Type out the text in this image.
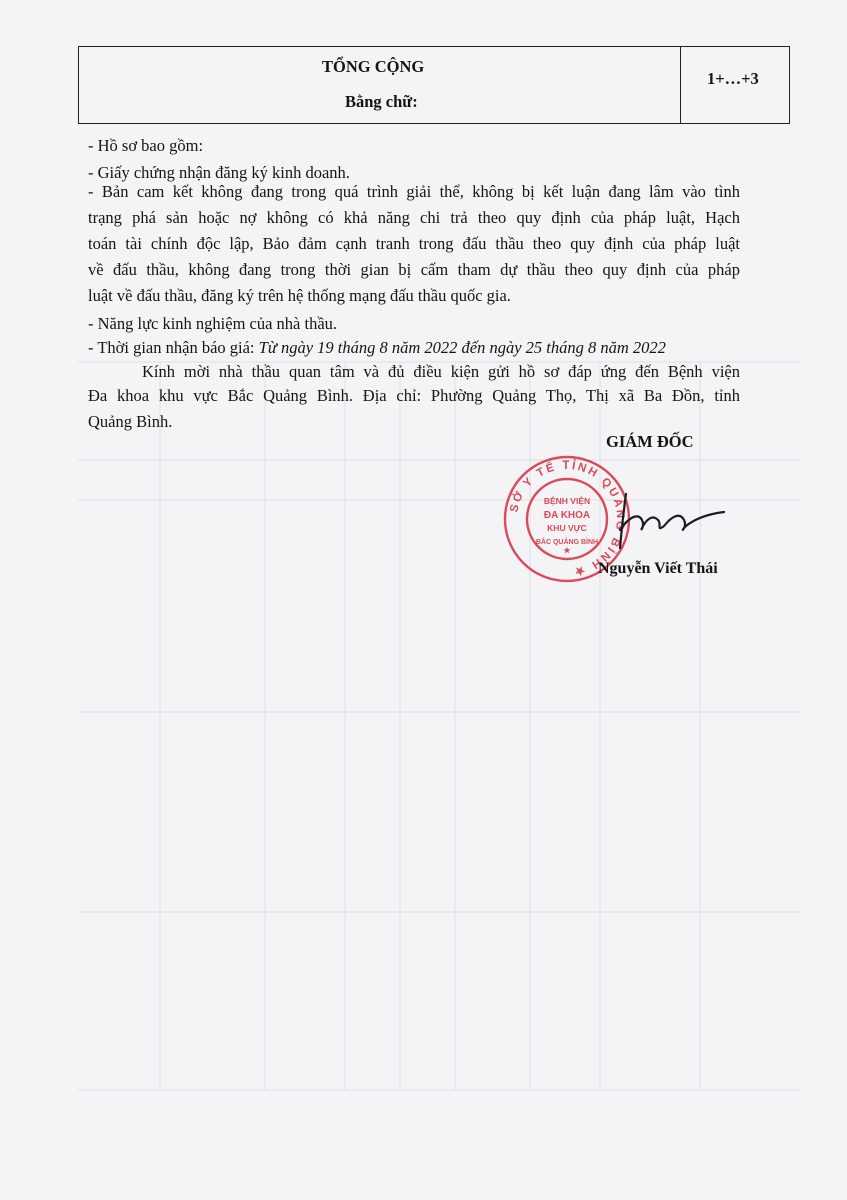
TỔNG CỘNG
Bằng chữ:
1+…+3
- Hồ sơ bao gồm:
- Giấy chứng nhận đăng ký kinh doanh.
- Bản cam kết không đang trong quá trình giải thể, không bị kết luận đang lâm vào tình
trạng phá sản hoặc nợ không có khả năng chi trả theo quy định của pháp luật, Hạch
toán tài chính độc lập, Bảo đảm cạnh tranh trong đấu thầu theo quy định của pháp luật
về đấu thầu, không đang trong thời gian bị cấm tham dự thầu theo quy định của pháp
luật về đấu thầu, đăng ký trên hệ thống mạng đấu thầu quốc gia.
- Năng lực kinh nghiệm của nhà thầu.
- Thời gian nhận báo giá: Từ ngày 19 tháng 8 năm 2022 đến ngày 25 tháng 8 năm 2022
Kính mời nhà thầu quan tâm và đủ điều kiện gửi hồ sơ đáp ứng đến Bệnh viện
Đa khoa khu vực Bắc Quảng Bình. Địa chỉ: Phường Quảng Thọ, Thị xã Ba Đồn, tỉnh
Quảng Bình.
GIÁM ĐỐC
SỞ Y TẾ TỈNH QUẢNG BÌNH ★
BỆNH VIỆN
ĐA KHOA
KHU VỰC
BẮC QUẢNG BÌNH
★
Nguyễn Viết Thái
